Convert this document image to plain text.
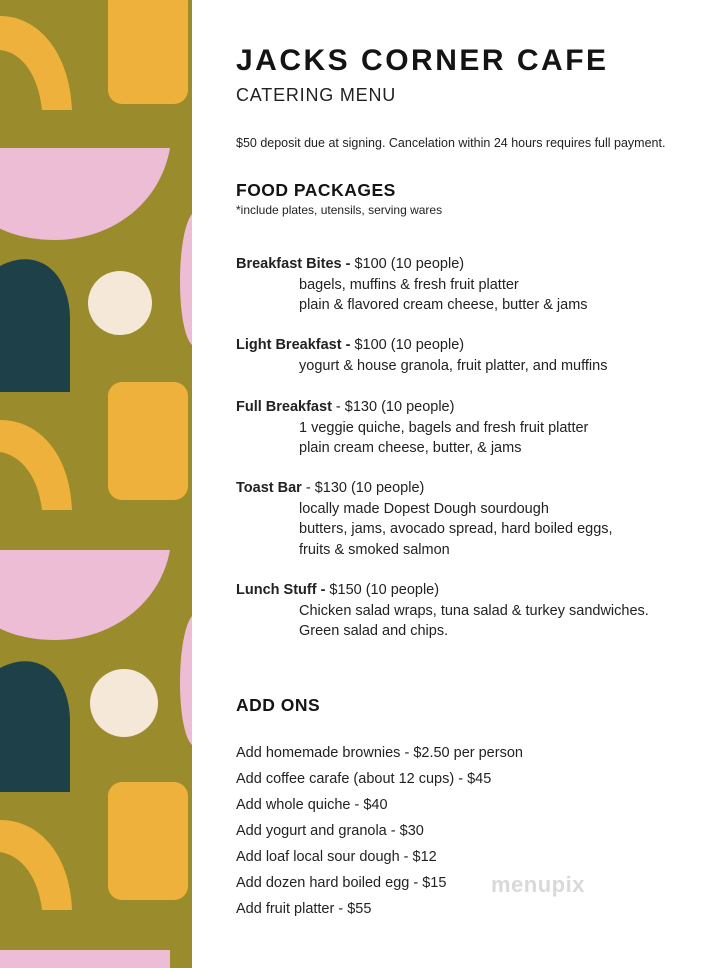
JACKS CORNER CAFE
CATERING MENU
$50 deposit due at signing. Cancelation within 24 hours requires full payment.
FOOD PACKAGES
*include plates, utensils, serving wares
Breakfast Bites - $100 (10 people)
bagels, muffins & fresh fruit platter
plain & flavored cream cheese, butter & jams
Light Breakfast - $100 (10 people)
yogurt & house granola, fruit platter, and muffins
Full Breakfast - $130 (10 people)
1 veggie quiche, bagels and fresh fruit platter
plain cream cheese, butter, & jams
Toast Bar - $130 (10 people)
locally made Dopest Dough sourdough
butters, jams, avocado spread, hard boiled eggs,
fruits & smoked salmon
Lunch Stuff - $150 (10 people)
Chicken salad wraps, tuna salad & turkey sandwiches.
Green salad and chips.
ADD ONS
Add homemade brownies - $2.50 per person
Add coffee carafe (about 12 cups) - $45
Add whole quiche - $40
Add yogurt and granola - $30
Add loaf local sour dough - $12
Add dozen hard boiled egg - $15
Add fruit platter - $55
menupix
